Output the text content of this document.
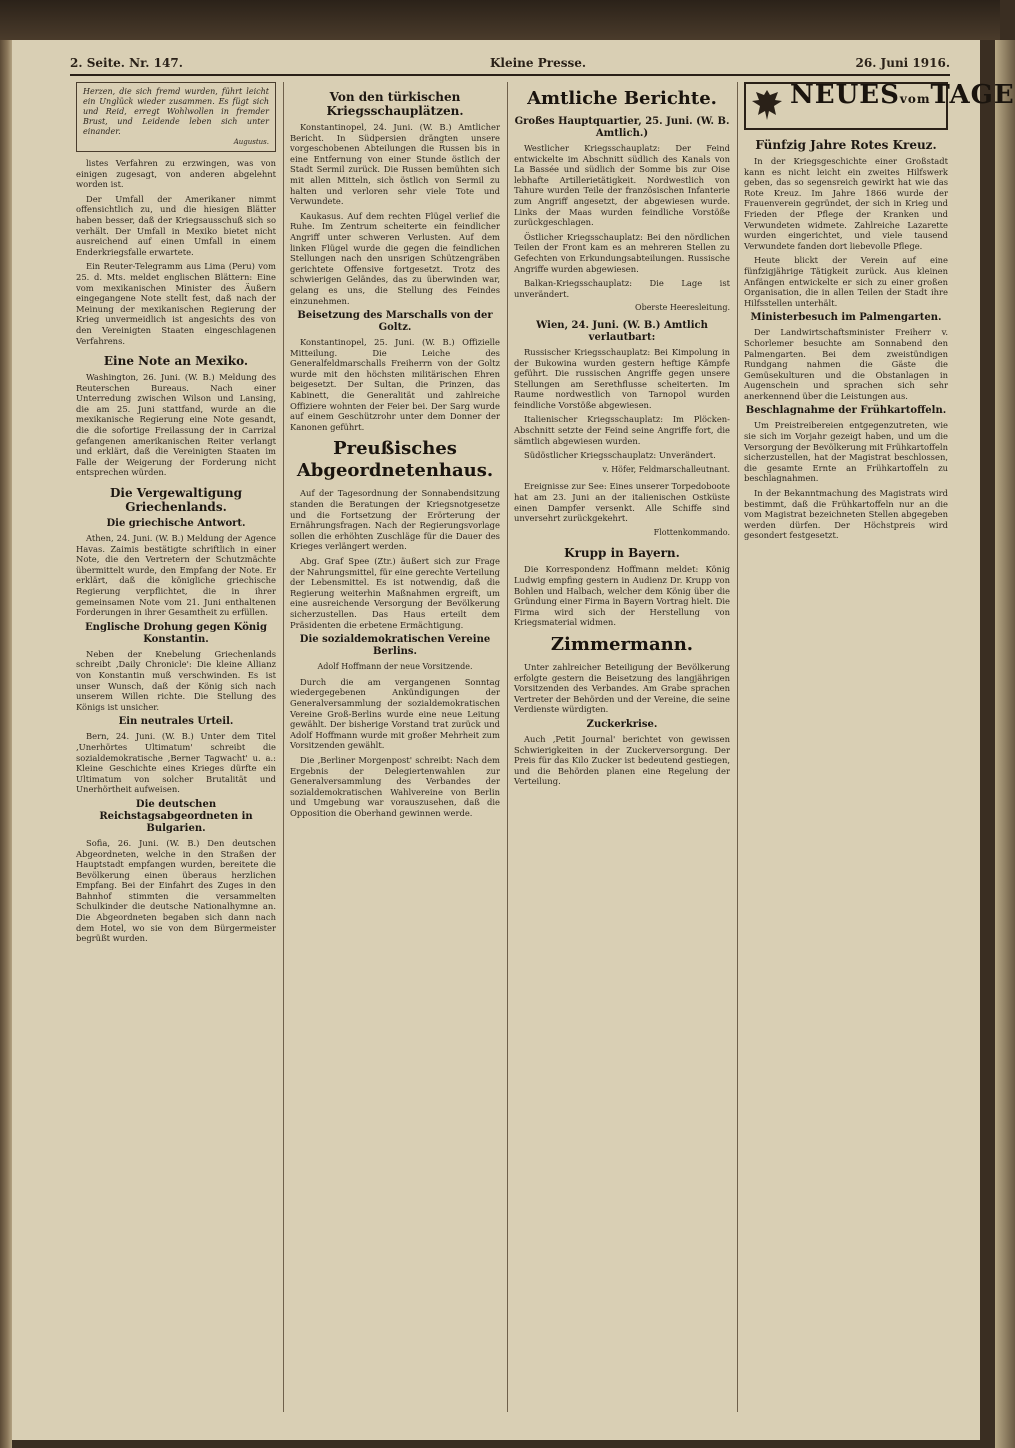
2. Seite. Nr. 147.	Kleine Presse.	26. Juni 1916.
Herzen, die sich fremd wurden, führt leicht ein Unglück wieder zusammen. Es fügt sich und Reid, erregt Wohlwollen in fremder Brust, und Leidende leben sich unter einander.
Augustus.

listes Verfahren zu erzwingen, was von einigen zugesagt, von anderen abgelehnt worden ist.

Der Umfall der Amerikaner nimmt offensichtlich zu, und die hiesigen Blätter haben besser, daß der Kriegsausschuß sich so verhält. Der Umfall in Mexiko bietet nicht ausreichend auf einen Umfall in einem Enderkriegsfalle erwartete.

Ein Reuter-Telegramm aus Lima (Peru) vom 25. d. Mts. meldet englischen Blättern: Eine vom mexikanischen Minister des Äußern eingegangene Note stellt fest, daß nach der Meinung der mexikanischen Regierung der Krieg unvermeidlich ist angesichts des von den Vereinigten Staaten eingeschlagenen Verfahrens.

Eine Note an Mexiko.

Washington, 26. Juni. (W. B.) Meldung des Reuterschen Bureaus. Nach einer Unterredung zwischen Wilson und Lansing, die am 25. Juni stattfand, wurde an die mexikanische Regierung eine Note gesandt, die die sofortige Freilassung der in Carrizal gefangenen amerikanischen Reiter verlangt und erklärt, daß die Vereinigten Staaten im Falle der Weigerung der Forderung nicht entsprechen würden.

Die Vergewaltigung Griechenlands.
Die griechische Antwort.

Athen, 24. Juni. (W. B.) Meldung der Agence Havas. Zaimis bestätigte schriftlich in einer Note, die den Vertretern der Schutzmächte übermittelt wurde, den Empfang der Note. Er erklärt, daß die königliche griechische Regierung verpflichtet, die in ihrer gemeinsamen Note vom 21. Juni enthaltenen Forderungen in ihrer Gesamtheit zu erfüllen.

Englische Drohung gegen König Konstantin.

Neben der Knebelung Griechenlands schreibt ‚Daily Chronicle': Die kleine Allianz von Konstantin muß verschwinden. Es ist unser Wunsch, daß der König sich nach unserem Willen richte. Die Stellung des Königs ist unsicher.

Ein neutrales Urteil.

Bern, 24. Juni. (W. B.) Unter dem Titel ‚Unerhörtes Ultimatum' schreibt die sozialdemokratische ‚Berner Tagwacht' u. a.: Kleine Geschichte eines Krieges dürfte ein Ultimatum von solcher Brutalität und Unerhörtheit aufweisen.

Die deutschen Reichstagsabgeordneten in Bulgarien.

Sofia, 26. Juni. (W. B.) Den deutschen Abgeordneten, welche in den Straßen der Hauptstadt empfangen wurden, bereitete die Bevölkerung einen überaus herzlichen Empfang. Bei der Einfahrt des Zuges in den Bahnhof stimmten die versammelten Schulkinder die deutsche Nationalhymne an. Die Abgeordneten begaben sich dann nach dem Hotel, wo sie von dem Bürgermeister begrüßt wurden.

Von den türkischen Kriegsschauplätzen.

Konstantinopel, 24. Juni. (W. B.) Amtlicher Bericht. In Südpersien drängten unsere vorgeschobenen Abteilungen die Russen bis in eine Entfernung von einer Stunde östlich der Stadt Sermil zurück. Die Russen bemühten sich mit allen Mitteln, sich östlich von Sermil zu halten und verloren sehr viele Tote und Verwundete.

Kaukasus. Auf dem rechten Flügel verlief die Ruhe. Im Zentrum scheiterte ein feindlicher Angriff unter schweren Verlusten. Auf dem linken Flügel wurde die gegen die feindlichen Stellungen nach den unsrigen Schützengräben gerichtete Offensive fortgesetzt. Trotz des schwierigen Geländes, das zu überwinden war, gelang es uns, die Stellung des Feindes einzunehmen.

Beisetzung des Marschalls von der Goltz.

Konstantinopel, 25. Juni. (W. B.) Offizielle Mitteilung. Die Leiche des Generalfeldmarschalls Freiherrn von der Goltz wurde mit den höchsten militärischen Ehren beigesetzt. Der Sultan, die Prinzen, das Kabinett, die Generalität und zahlreiche Offiziere wohnten der Feier bei. Der Sarg wurde auf einem Geschützrohr unter dem Donner der Kanonen geführt.

Preußisches Abgeordnetenhaus.

Auf der Tagesordnung der Sonnabendsitzung standen die Beratungen der Kriegsnotgesetze und die Fortsetzung der Erörterung der Ernährungsfragen. Nach der Regierungsvorlage sollen die erhöhten Zuschläge für die Dauer des Krieges verlängert werden.

Abg. Graf Spee (Ztr.) äußert sich zur Frage der Nahrungsmittel, für eine gerechte Verteilung der Lebensmittel. Es ist notwendig, daß die Regierung weiterhin Maßnahmen ergreift, um eine ausreichende Versorgung der Bevölkerung sicherzustellen. Das Haus erteilt dem Präsidenten die erbetene Ermächtigung.

Die sozialdemokratischen Vereine Berlins.
Adolf Hoffmann der neue Vorsitzende.

Durch die am vergangenen Sonntag wiedergegebenen Ankündigungen der Generalversammlung der sozialdemokratischen Vereine Groß-Berlins wurde eine neue Leitung gewählt. Der bisherige Vorstand trat zurück und Adolf Hoffmann wurde mit großer Mehrheit zum Vorsitzenden gewählt.

Die ‚Berliner Morgenpost' schreibt: Nach dem Ergebnis der Delegiertenwahlen zur Generalversammlung des Verbandes der sozialdemokratischen Wahlvereine von Berlin und Umgebung war vorauszusehen, daß die Opposition die Oberhand gewinnen werde.

Amtliche Berichte.
Großes Hauptquartier, 25. Juni. (W. B. Amtlich.)

Westlicher Kriegsschauplatz: Der Feind entwickelte im Abschnitt südlich des Kanals von La Bassée und südlich der Somme bis zur Oise lebhafte Artillerietätigkeit. Nordwestlich von Tahure wurden Teile der französischen Infanterie zum Angriff angesetzt, der abgewiesen wurde. Links der Maas wurden feindliche Vorstöße zurückgeschlagen.

Östlicher Kriegsschauplatz: Bei den nördlichen Teilen der Front kam es an mehreren Stellen zu Gefechten von Erkundungsabteilungen. Russische Angriffe wurden abgewiesen.

Balkan-Kriegsschauplatz: Die Lage ist unverändert.

Oberste Heeresleitung.
Wien, 24. Juni. (W. B.) Amtlich verlautbart:

Russischer Kriegsschauplatz: Bei Kimpolung in der Bukowina wurden gestern heftige Kämpfe geführt. Die russischen Angriffe gegen unsere Stellungen am Serethflusse scheiterten. Im Raume nordwestlich von Tarnopol wurden feindliche Vorstöße abgewiesen.

Italienischer Kriegsschauplatz: Im Plöcken-Abschnitt setzte der Feind seine Angriffe fort, die sämtlich abgewiesen wurden.

Südöstlicher Kriegsschauplatz: Unverändert.

v. Höfer, Feldmarschalleutnant.

Ereignisse zur See: Eines unserer Torpedoboote hat am 23. Juni an der italienischen Ostküste einen Dampfer versenkt. Alle Schiffe sind unversehrt zurückgekehrt.

Flottenkommando.
Krupp in Bayern.

Die Korrespondenz Hoffmann meldet: König Ludwig empfing gestern in Audienz Dr. Krupp von Bohlen und Halbach, welcher dem König über die Gründung einer Firma in Bayern Vortrag hielt. Die Firma wird sich der Herstellung von Kriegsmaterial widmen.

Zimmermann.

Unter zahlreicher Beteiligung der Bevölkerung erfolgte gestern die Beisetzung des langjährigen Vorsitzenden des Verbandes. Am Grabe sprachen Vertreter der Behörden und der Vereine, die seine Verdienste würdigten.

Zuckerkrise.

Auch ‚Petit Journal' berichtet von gewissen Schwierigkeiten in der Zuckerversorgung. Der Preis für das Kilo Zucker ist bedeutend gestiegen, und die Behörden planen eine Regelung der Verteilung.

NEUESvomTAGE
Fünfzig Jahre Rotes Kreuz.

In der Kriegsgeschichte einer Großstadt kann es nicht leicht ein zweites Hilfswerk geben, das so segensreich gewirkt hat wie das Rote Kreuz. Im Jahre 1866 wurde der Frauenverein gegründet, der sich in Krieg und Frieden der Pflege der Kranken und Verwundeten widmete. Zahlreiche Lazarette wurden eingerichtet, und viele tausend Verwundete fanden dort liebevolle Pflege.

Heute blickt der Verein auf eine fünfzigjährige Tätigkeit zurück. Aus kleinen Anfängen entwickelte er sich zu einer großen Organisation, die in allen Teilen der Stadt ihre Hilfsstellen unterhält.

Ministerbesuch im Palmengarten.

Der Landwirtschaftsminister Freiherr v. Schorlemer besuchte am Sonnabend den Palmengarten. Bei dem zweistündigen Rundgang nahmen die Gäste die Gemüsekulturen und die Obstanlagen in Augenschein und sprachen sich sehr anerkennend über die Leistungen aus.

Beschlagnahme der Frühkartoffeln.

Um Preistreibereien entgegenzutreten, wie sie sich im Vorjahr gezeigt haben, und um die Versorgung der Bevölkerung mit Frühkartoffeln sicherzustellen, hat der Magistrat beschlossen, die gesamte Ernte an Frühkartoffeln zu beschlagnahmen.

In der Bekanntmachung des Magistrats wird bestimmt, daß die Frühkartoffeln nur an die vom Magistrat bezeichneten Stellen abgegeben werden dürfen. Der Höchstpreis wird gesondert festgesetzt.
